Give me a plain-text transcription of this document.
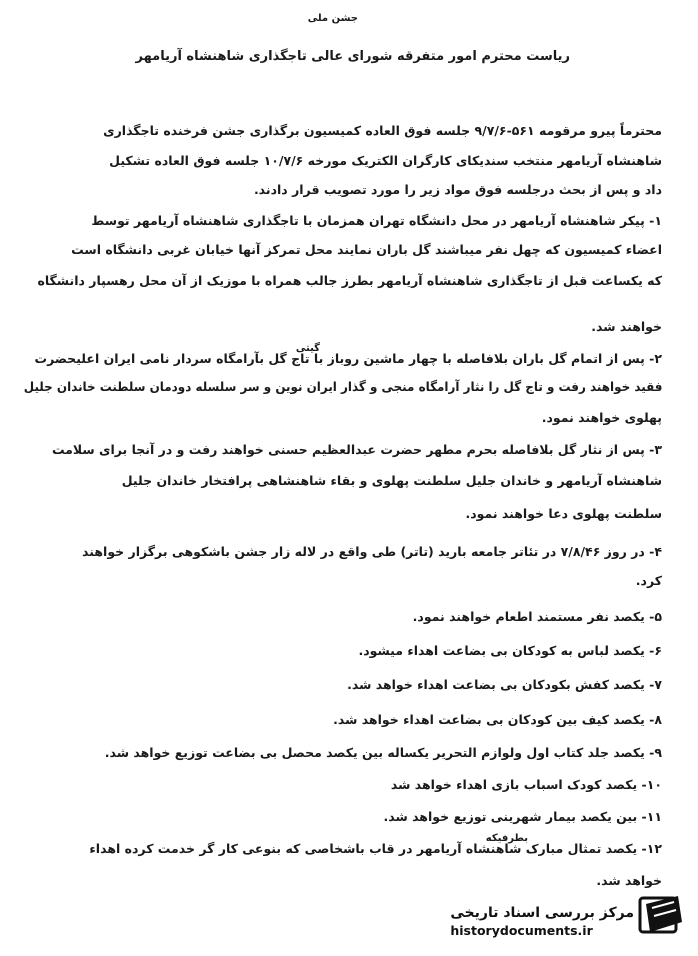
جشن ملی
ریاست محترم امور متفرقه شورای عالی تاجگذاری شاهنشاه آریامهر
محترماً پیرو مرقومه ۵۶۱-۹/۷/۶ جلسه فوق العاده کمیسیون برگذاری جشن فرخنده تاجگذاری
شاهنشاه آریامهر منتخب سندیکای کارگران الکتریک مورخه ۱۰/۷/۶ جلسه فوق العاده تشکیل
داد و پس از بحث درجلسه فوق مواد زیر را مورد تصویب قرار دادند.
۱- پیکر شاهنشاه آریامهر در محل دانشگاه تهران همزمان با تاجگذاری شاهنشاه آریامهر توسط
اعضاء کمیسیون که چهل نفر میباشند گل باران نمایند محل تمرکز آنها خیابان غربی دانشگاه است
که یکساعت قبل از تاجگذاری شاهنشاه آریامهر بطرز جالب همراه با موزیک از آن محل رهسپار دانشگاه
خواهند شد.
۲- پس از اتمام گل باران بلافاصله با چهار ماشین روباز با تاج گل بآرامگاه سردار نامی ایران اعلیحضرت
فقید خواهند رفت و تاج گل را نثار آرامگاه منجی و گذار ایران نوین و سر سلسله دودمان سلطنت خاندان جلیل
پهلوی خواهند نمود.
۳- پس از نثار گل بلافاصله بحرم مطهر حضرت عبدالعظیم حسنی خواهند رفت و در آنجا برای سلامت
شاهنشاه آریامهر و خاندان جلیل سلطنت پهلوی و بقاء شاهنشاهی پرافتخار خاندان جلیل
سلطنت پهلوی دعا خواهند نمود.
۴- در روز ۷/۸/۴۶ در تئاتر جامعه بارید (تاتر) طی واقع در لاله زار جشن باشکوهی برگزار خواهند
کرد.
۵- یکصد نفر مستمند اطعام خواهند نمود.
۶- یکصد لباس به کودکان بی بضاعت اهداء میشود.
۷- یکصد کفش بکودکان بی بضاعت اهداء خواهد شد.
۸- یکصد کیف بین کودکان بی بضاعت اهداء خواهد شد.
۹- یکصد جلد کتاب اول ولوازم التحریر یکساله بین یکصد محصل بی بضاعت توزیع خواهد شد.
۱۰- یکصد کودک اسباب بازی اهداء خواهد شد
۱۱- بین یکصد بیمار شهرینی توزیع خواهد شد.
۱۲- یکصد تمثال مبارک شاهنشاه آریامهر در قاب باشخاصی که بنوعی کار گر خدمت کرده اهداء
خواهد شد.
گیتی
بطرفیکه
مرکز بررسی اسناد تاریخی
historydocuments.ir
